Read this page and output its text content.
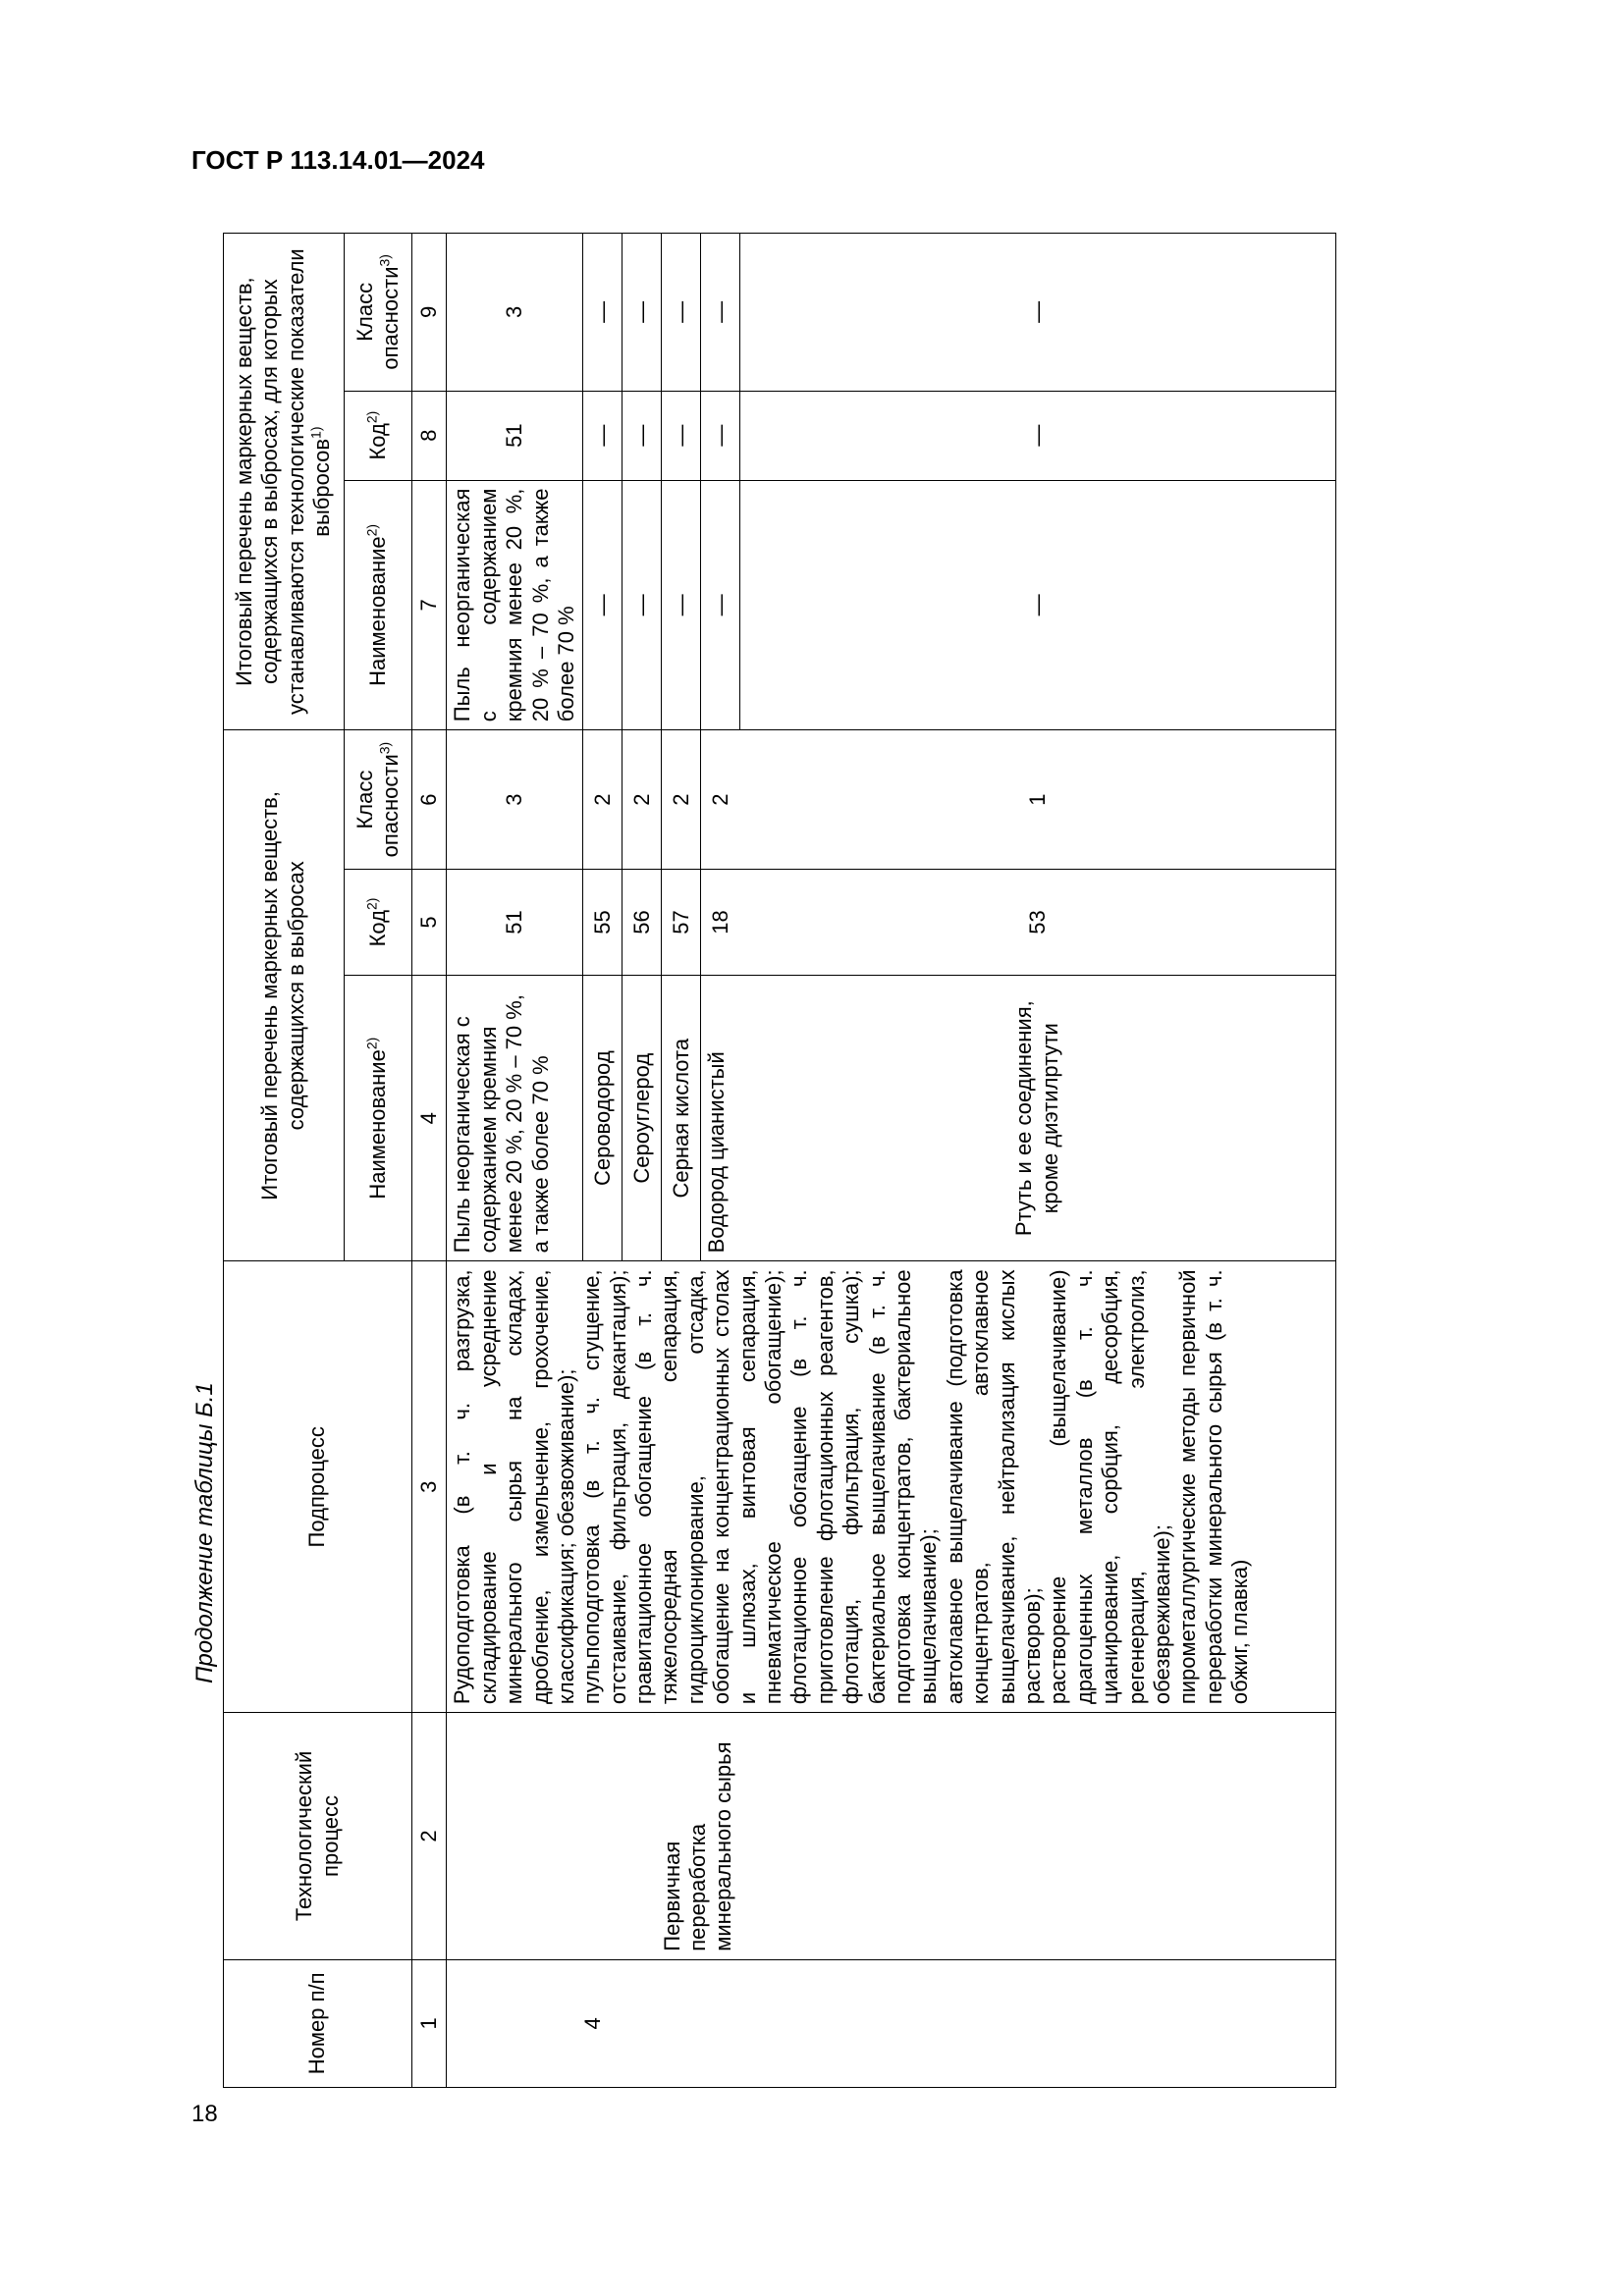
ГОСТ Р 113.14.01—2024
Продолжение таблицы Б.1
18
Номер п/п	Технологический процесс	Подпроцесс	Итоговый перечень маркерных веществ, содержащихся в выбросах			Итоговый перечень маркерных веществ, содержащихся в выбросах, для которых устанавливаются технологические показатели выбросов$^{1)}$
			Наименование$^{2)}$	Код$^{2)}$	Класс опасности$^{3)}$	Наименование$^{2)}$	Код$^{2)}$	Класс опасности$^{3)}$
1	2	3	4	5	6	7	8	9
4	Первичная переработка минерального сырья	Рудоподготовка (в т. ч. разгрузка, складирование и усреднение минерального сырья на складах, дробление, измельчение, грохочение, классификация; обезвоживание); пульпоподготовка (в т. ч. сгущение, отстаивание, фильтрация, декантация); гравитационное обогащение (в т. ч. тяжелосредная сепарация, гидроциклонирование, отсадка, обогащение на концентрационных столах и шлюзах, винтовая сепарация, пневматическое обогащение); флотационное обогащение (в т. ч. приготовление флотационных реагентов, флотация, фильтрация, сушка); бактериальное выщелачивание (в т. ч. подготовка концентратов, бактериальное выщелачивание); автоклавное выщелачивание (подготовка концентратов, автоклавное выщелачивание, нейтрализация кислых растворов); растворение (выщелачивание) драгоценных металлов (в т. ч. цианирование, сорбция, десорбция, регенерация, электролиз, обезвреживание); пирометаллургические методы первичной переработки минерального сырья (в т. ч. обжиг, плавка)	Пыль неорганическая с содержанием кремния менее 20 %, 20 % – 70 %, а также более 70 %	51	3	Пыль неорганическая с содержанием кремния менее 20 %, 20 % – 70 %, а также более 70 %	51	3
			Сероводород	55	2	—	—	—
			Сероуглерод	56	2	—	—	—
			Серная кислота	57	2	—	—	—
			Водород цианистый	18	2	—	—	—
			Ртуть и ее соединения, кроме диэтилртути	53	1	—	—	—
